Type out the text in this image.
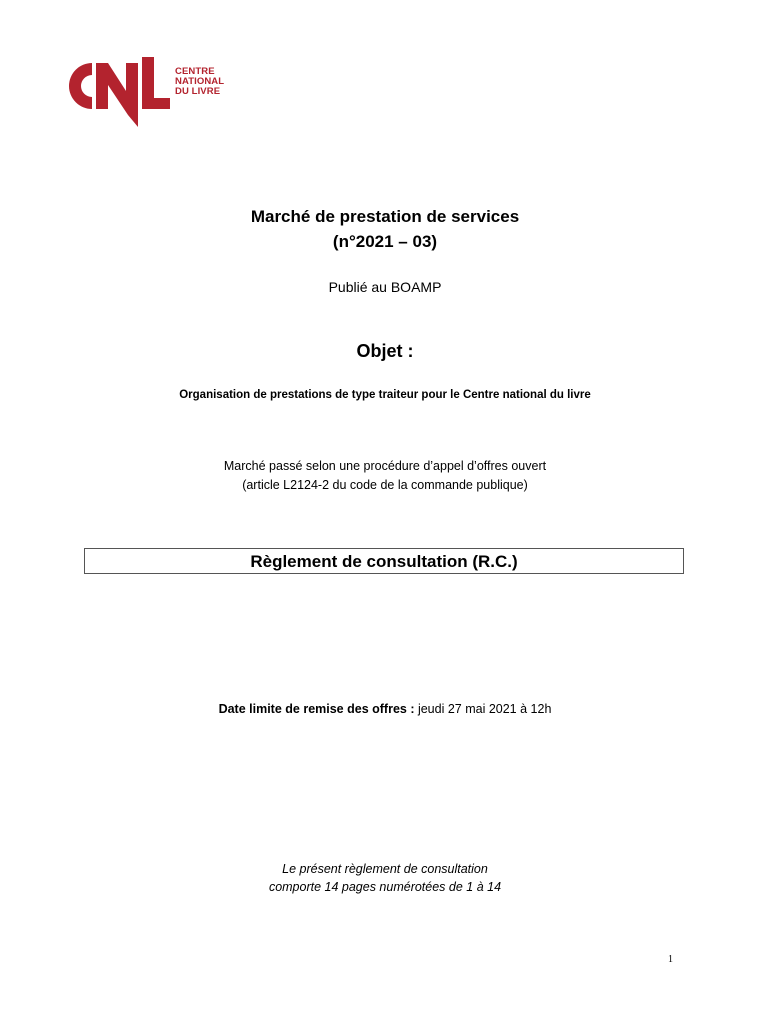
CENTRE
NATIONAL
DU LIVRE
Marché de prestation de services
(n°2021 – 03)
Publié au BOAMP
Objet :
Organisation de prestations de type traiteur pour le Centre national du livre
Marché passé selon une procédure d’appel d’offres ouvert
(article L2124-2 du code de la commande publique)
Règlement de consultation (R.C.)
Date limite de remise des offres : jeudi 27 mai 2021 à 12h
Le présent règlement de consultation
comporte 14 pages numérotées de 1 à 14
1
